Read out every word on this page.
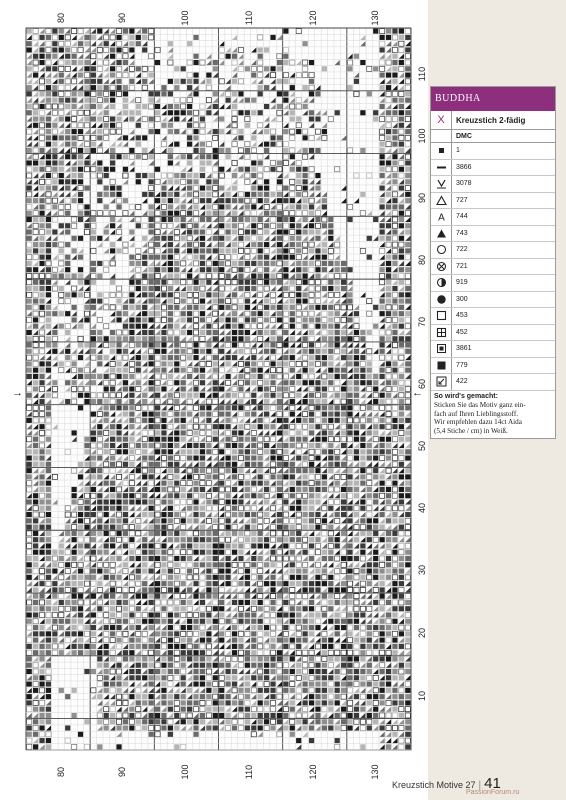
80
80
90
90
100
100
110
110
120
120
130
130
110
100
90
80
70
60
50
40
30
20
10
→	←
BUDDHA
X	Kreuzstich 2-fädig
DMC
1
3866
3078
727
A	744
743
722
721
919
300
453
452
3861
779
422
So wird's gemacht:
Sticken Sie das Motiv ganz ein-
fach auf Ihren Lieblingsstoff.
Wir empfehlen dazu 14ct Aida
(5,4 Stiche / cm) in Weiß.
Kreuzstich Motive 27 | 41
PassionForum.ru
